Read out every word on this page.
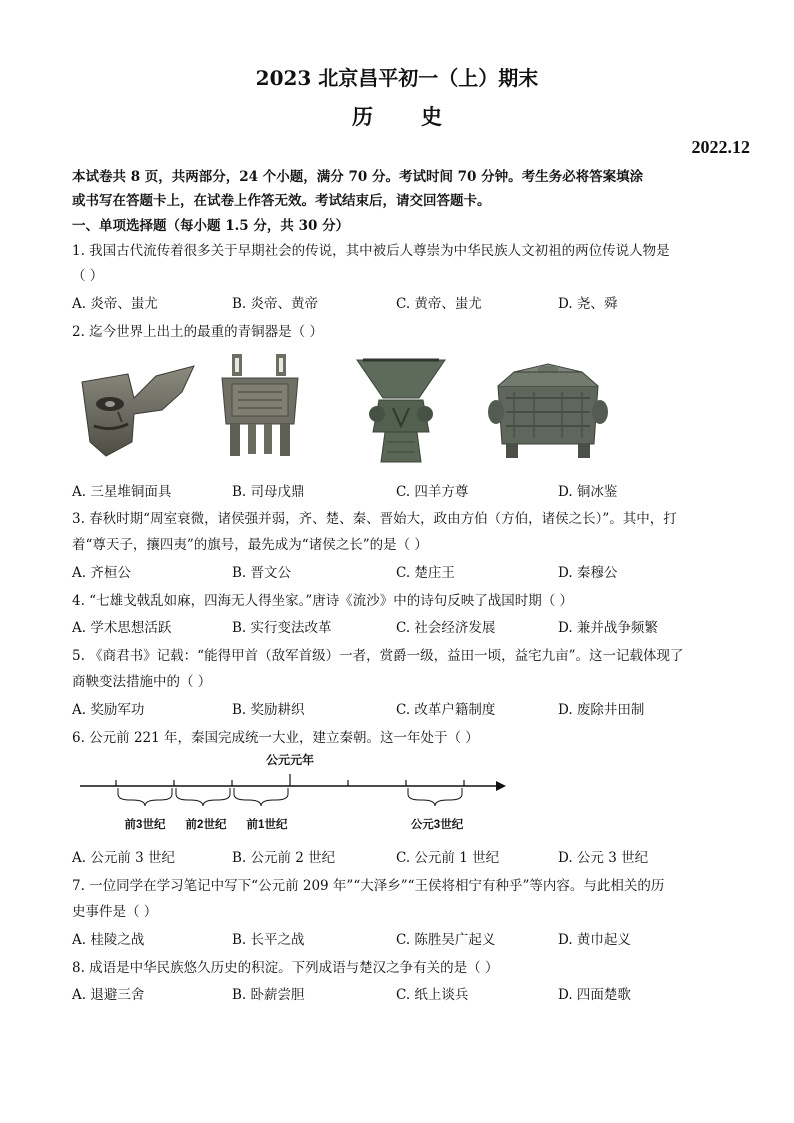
2023 北京昌平初一（上）期末
历 史
2022.12
本试卷共 8 页，共两部分，24 个小题，满分 70 分。考试时间 70 分钟。考生务必将答案填涂
或书写在答题卡上，在试卷上作答无效。考试结束后，请交回答题卡。
一、单项选择题（每小题 1.5 分，共 30 分）
1. 我国古代流传着很多关于早期社会的传说，其中被后人尊崇为中华民族人文初祖的两位传说人物是
（ ）
A. 炎帝、蚩尤	B. 炎帝、黄帝	C. 黄帝、蚩尤	D. 尧、舜
2. 迄今世界上出土的最重的青铜器是（ ）
A. 三星堆铜面具	B. 司母戊鼎	C. 四羊方尊	D. 铜冰鉴
3. 春秋时期“周室衰微，诸侯强并弱，齐、楚、秦、晋始大，政由方伯（方伯，诸侯之长）”。其中，打
着“尊天子，攘四夷”的旗号，最先成为“诸侯之长”的是（ ）
A. 齐桓公	B. 晋文公	C. 楚庄王	D. 秦穆公
4. “七雄戈戟乱如麻，四海无人得坐家。”唐诗《流沙》中的诗句反映了战国时期（ ）
A. 学术思想活跃	B. 实行变法改革	C. 社会经济发展	D. 兼并战争频繁
5. 《商君书》记载：“能得甲首（敌军首级）一者，赏爵一级，益田一顷，益宅九亩”。这一记载体现了
商鞅变法措施中的（ ）
A. 奖励军功	B. 奖励耕织	C. 改革户籍制度	D. 废除井田制
6. 公元前 221 年，秦国完成统一大业，建立秦朝。这一年处于（ ）
公元元年
前3世纪 前2世纪 前1世纪	公元3世纪
A. 公元前 3 世纪	B. 公元前 2 世纪	C. 公元前 1 世纪	D. 公元 3 世纪
7. 一位同学在学习笔记中写下“公元前 209 年”“大泽乡”“王侯将相宁有种乎”等内容。与此相关的历
史事件是（ ）
A. 桂陵之战	B. 长平之战	C. 陈胜吴广起义	D. 黄巾起义
8. 成语是中华民族悠久历史的积淀。下列成语与楚汉之争有关的是（ ）
A. 退避三舍	B. 卧薪尝胆	C. 纸上谈兵	D. 四面楚歌
